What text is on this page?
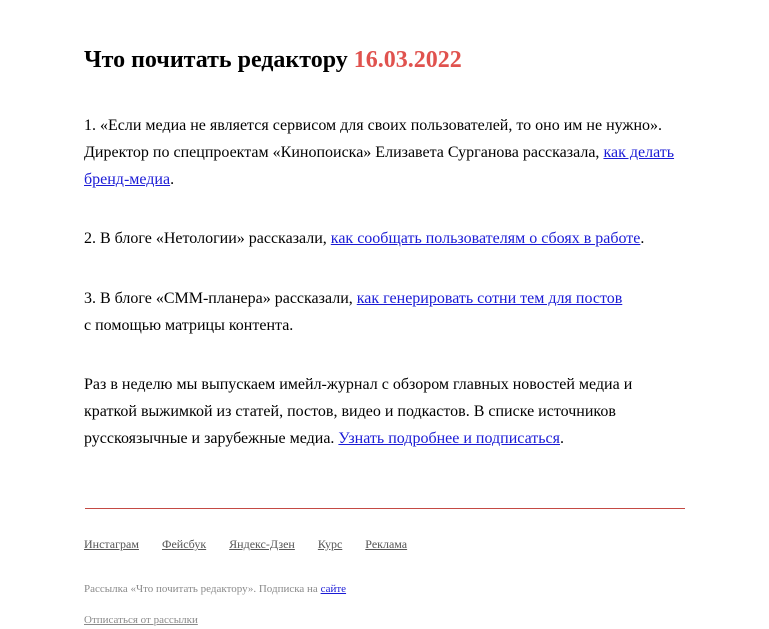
Что почитать редактору 16.03.2022

1. «Если медиа не является сервисом для своих пользователей, то оно им не нужно». Директор по спецпроектам «Кинопоиска» Елизавета Сурганова рассказала, как делать бренд-медиа.

2. В блоге «Нетологии» рассказали, как сообщать пользователям о сбоях в работе.

3. В блоге «СММ-планера» рассказали, как генерировать сотни тем для постов
с помощью матрицы контента.

Раз в неделю мы выпускаем имейл-журнал с обзором главных новостей медиа и краткой выжимкой из статей, постов, видео и подкастов. В списке источников русскоязычные и зарубежные медиа. Узнать подробнее и подписаться.

Инстаграм Фейсбук Яндекс-Дзен Курс Реклама

Рассылка «Что почитать редактору». Подписка на сайте

Отписаться от рассылки
